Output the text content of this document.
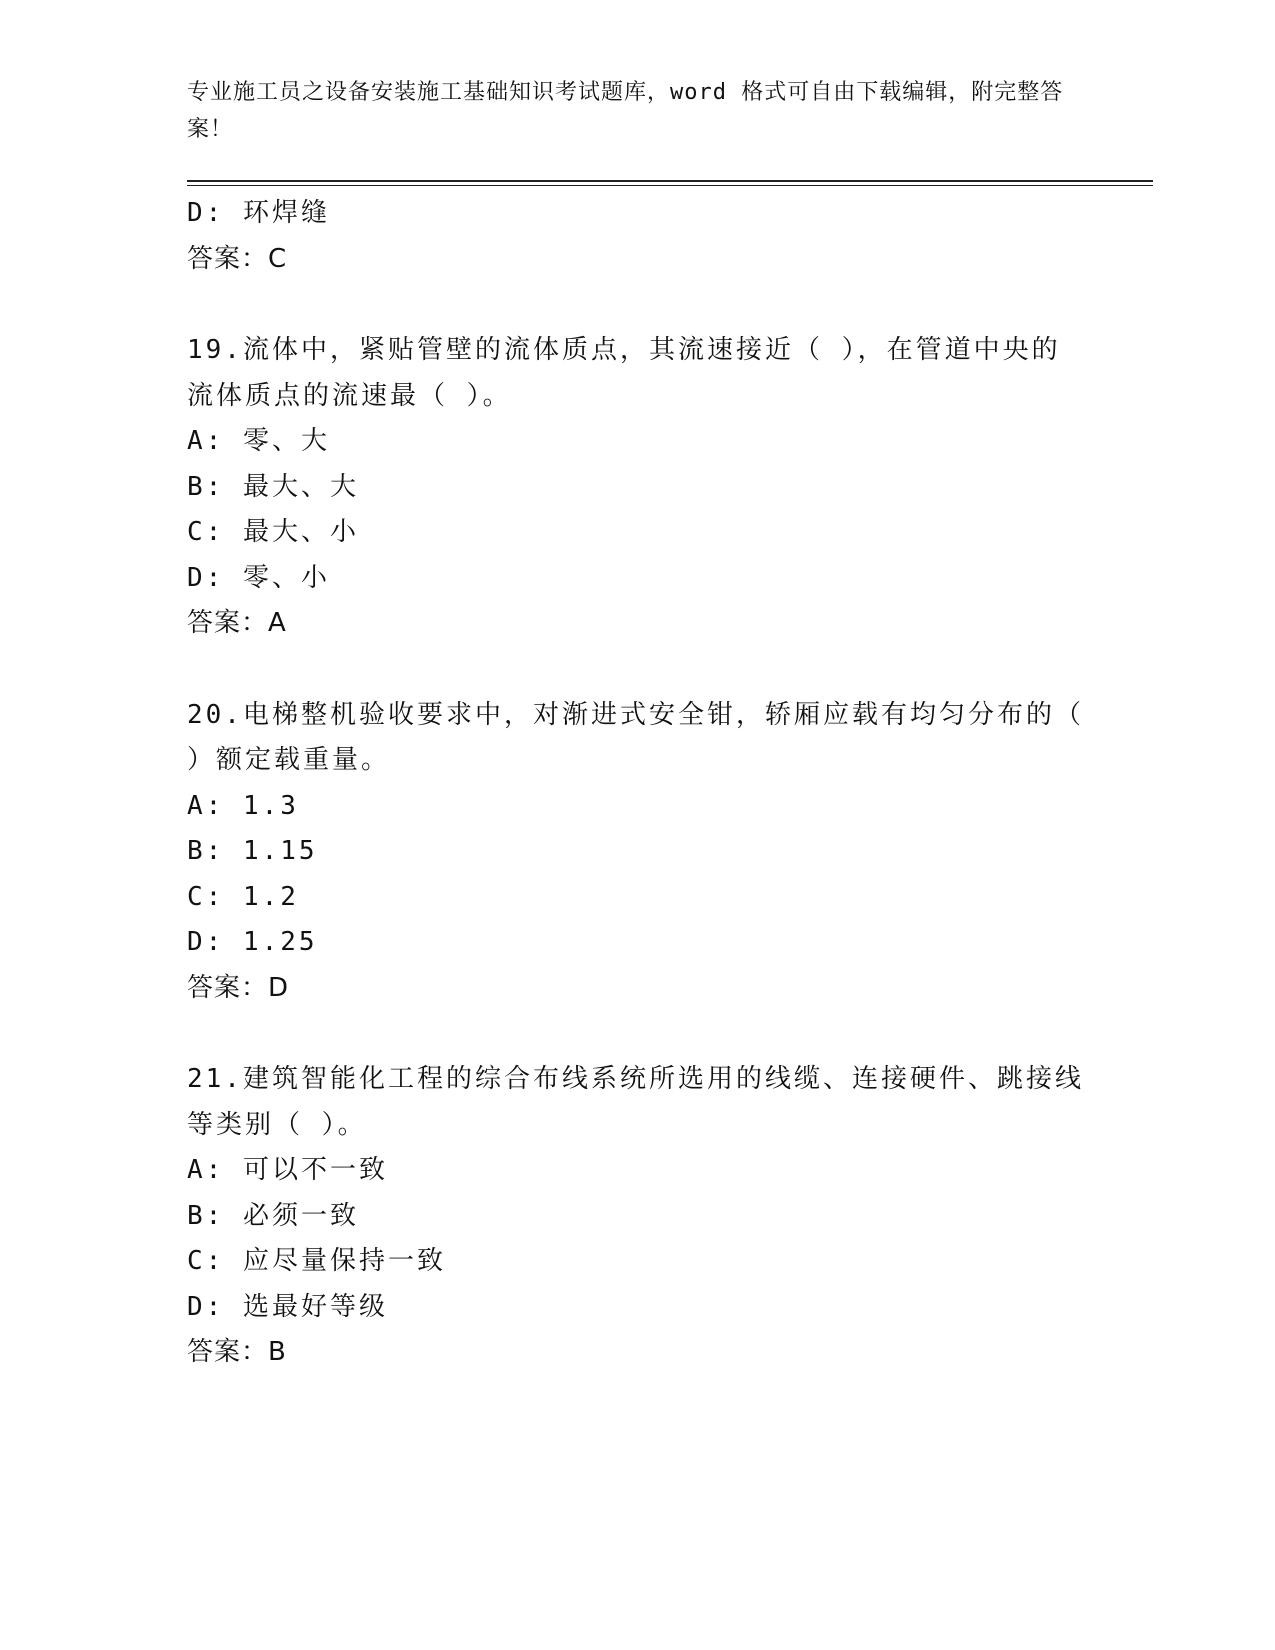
专业施工员之设备安装施工基础知识考试题库，word 格式可自由下载编辑，附完整答案！
D: 环焊缝
答案：C
19.流体中，紧贴管壁的流体质点，其流速接近（ ），在管道中央的
流体质点的流速最（ ）。
A: 零、大
B: 最大、大
C: 最大、小
D: 零、小
答案：A
20.电梯整机验收要求中，对渐进式安全钳，轿厢应载有均匀分布的（
）额定载重量。
A: 1.3
B: 1.15
C: 1.2
D: 1.25
答案：D
21.建筑智能化工程的综合布线系统所选用的线缆、连接硬件、跳接线
等类别（ ）。
A: 可以不一致
B: 必须一致
C: 应尽量保持一致
D: 选最好等级
答案：B
